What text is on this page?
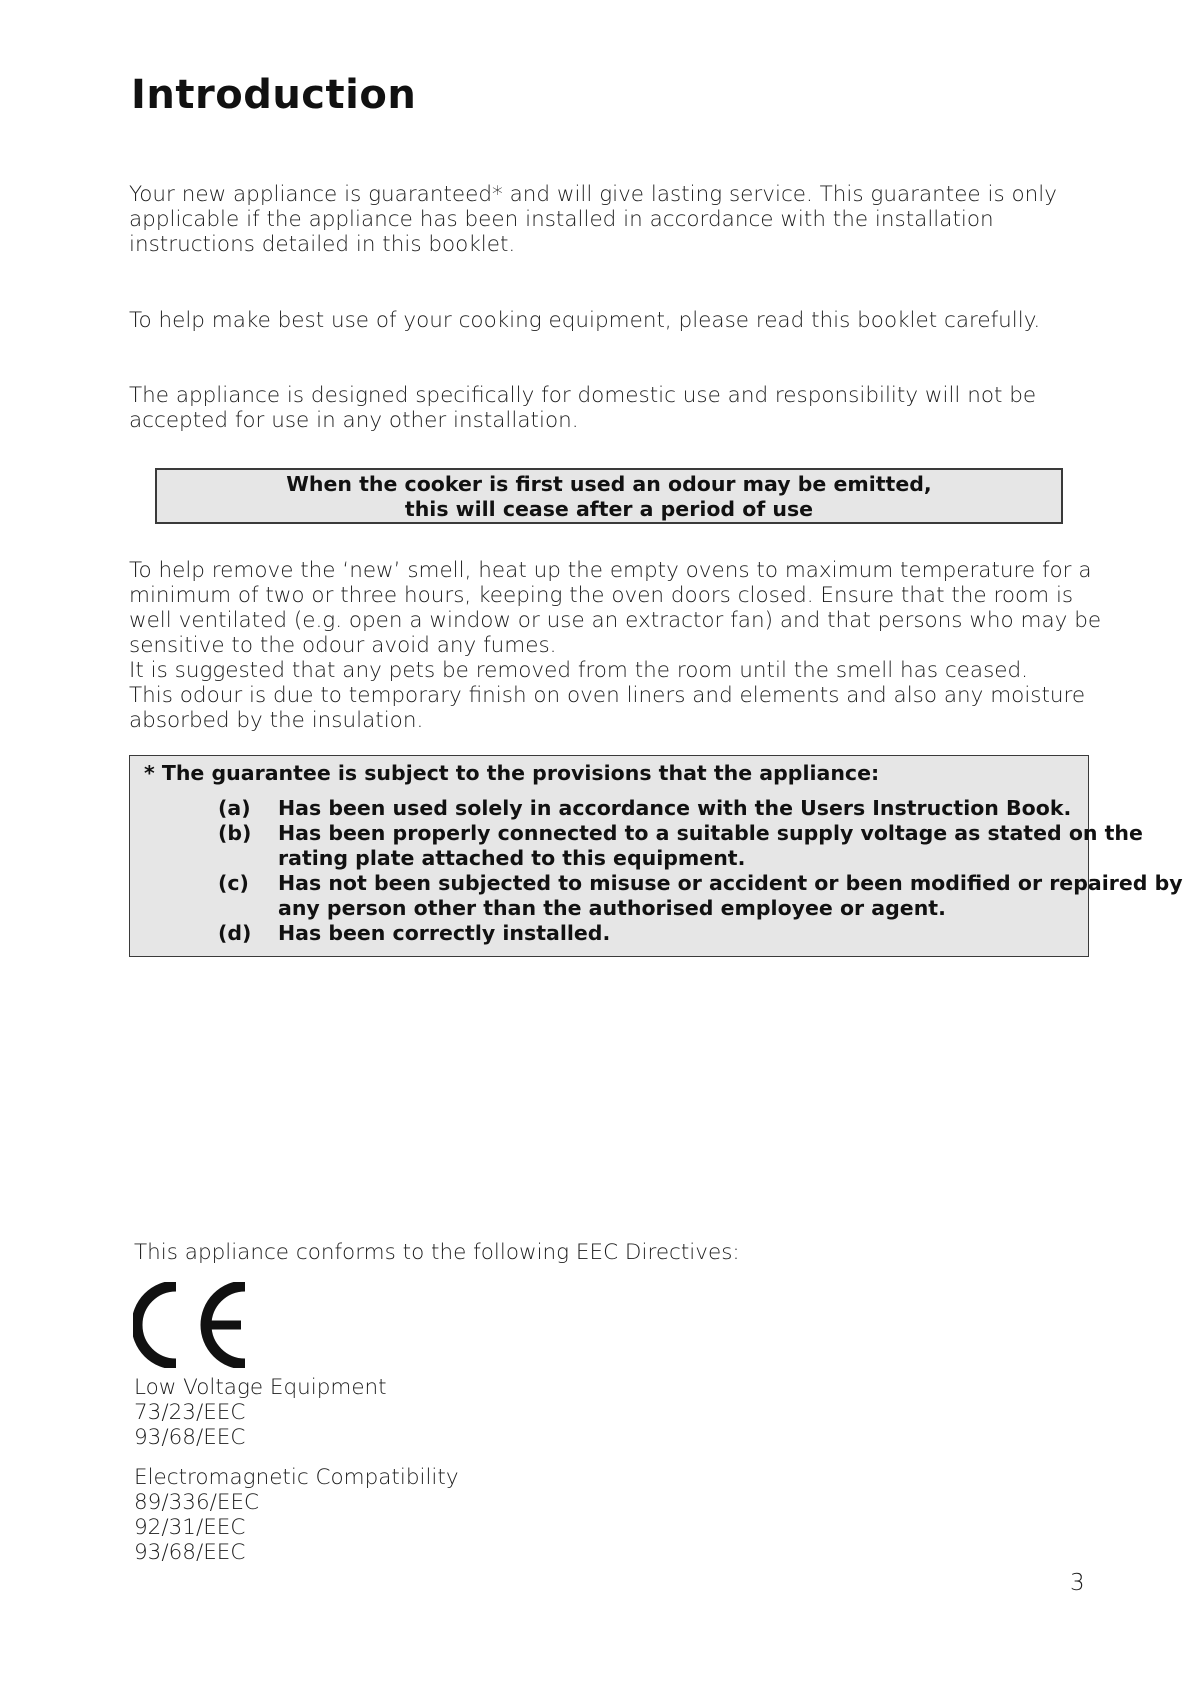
Introduction

Your new appliance is guaranteed* and will give lasting service. This guarantee is only
applicable if the appliance has been installed in accordance with the installation
instructions detailed in this booklet.

To help make best use of your cooking equipment, please read this booklet carefully.

The appliance is designed specifically for domestic use and responsibility will not be
accepted for use in any other installation.

When the cooker is first used an odour may be emitted,
this will cease after a period of use

To help remove the ‘new’ smell, heat up the empty ovens to maximum temperature for a
minimum of two or three hours, keeping the oven doors closed. Ensure that the room is
well ventilated (e.g. open a window or use an extractor fan) and that persons who may be
sensitive to the odour avoid any fumes.
It is suggested that any pets be removed from the room until the smell has ceased.
This odour is due to temporary finish on oven liners and elements and also any moisture
absorbed by the insulation.

* The guarantee is subject to the provisions that the appliance:
(a)	Has been used solely in accordance with the Users Instruction Book.
(b)	Has been properly connected to a suitable supply voltage as stated on the
rating plate attached to this equipment.
(c)	Has not been subjected to misuse or accident or been modified or repaired by
any person other than the authorised employee or agent.
(d)	Has been correctly installed.

This appliance conforms to the following EEC Directives:

Low Voltage Equipment
73/23/EEC
93/68/EEC
Electromagnetic Compatibility
89/336/EEC
92/31/EEC
93/68/EEC
3
